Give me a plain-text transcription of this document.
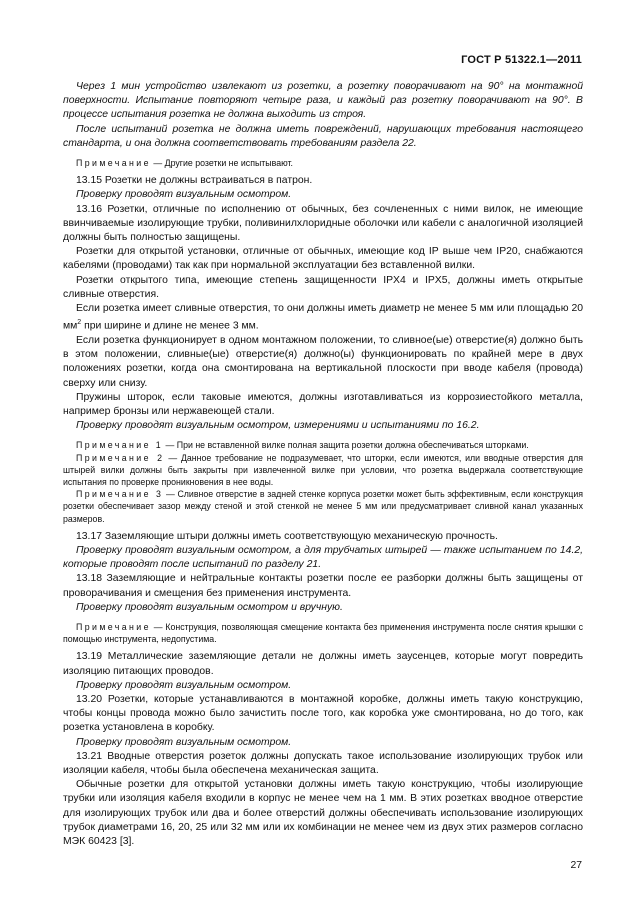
ГОСТ Р 51322.1—2011

Через 1 мин устройство извлекают из розетки, а розетку поворачивают на 90° на монтажной поверхности. Испытание повторяют четыре раза, и каждый раз розетку поворачивают на 90°. В процессе испытания розетка не должна выходить из строя.

После испытаний розетка не должна иметь повреждений, нарушающих требования настоящего стандарта, и она должна соответствовать требованиям раздела 22.

Примечание — Другие розетки не испытывают.

13.15 Розетки не должны встраиваться в патрон.

Проверку проводят визуальным осмотром.

13.16 Розетки, отличные по исполнению от обычных, без сочлененных с ними вилок, не имеющие ввинчиваемые изолирующие трубки, поливинилхлоридные оболочки или кабели с аналогичной изоляцией должны быть полностью защищены.

Розетки для открытой установки, отличные от обычных, имеющие код IP выше чем IP20, снабжаются кабелями (проводами) так как при нормальной эксплуатации без вставленной вилки.

Розетки открытого типа, имеющие степень защищенности IPX4 и IPX5, должны иметь открытые сливные отверстия.

Если розетка имеет сливные отверстия, то они должны иметь диаметр не менее 5 мм или площадью 20 $мм^2$ при ширине и длине не менее 3 мм.

Если розетка функционирует в одном монтажном положении, то сливное(ые) отверстие(я) должно быть в этом положении, сливные(ые) отверстие(я) должно(ы) функционировать по крайней мере в двух положениях розетки, когда она смонтирована на вертикальной плоскости при вводе кабеля (провода) сверху или снизу.

Пружины шторок, если таковые имеются, должны изготавливаться из коррозиестойкого металла, например бронзы или нержавеющей стали.

Проверку проводят визуальным осмотром, измерениями и испытаниями по 16.2.

Примечание 1 — При не вставленной вилке полная защита розетки должна обеспечиваться шторками.

Примечание 2 — Данное требование не подразумевает, что шторки, если имеются, или вводные отверстия для штырей вилки должны быть закрыты при извлеченной вилке при условии, что розетка выдержала соответствующие испытания по проверке проникновения в нее воды.

Примечание 3 — Сливное отверстие в задней стенке корпуса розетки может быть эффективным, если конструкция розетки обеспечивает зазор между стеной и этой стенкой не менее 5 мм или предусматривает сливной канал указанных размеров.

13.17 Заземляющие штыри должны иметь соответствующую механическую прочность.

Проверку проводят визуальным осмотром, а для трубчатых штырей — также испытанием по 14.2, которые проводят после испытаний по разделу 21.

13.18 Заземляющие и нейтральные контакты розетки после ее разборки должны быть защищены от проворачивания и смещения без применения инструмента.

Проверку проводят визуальным осмотром и вручную.

Примечание — Конструкция, позволяющая смещение контакта без применения инструмента после снятия крышки с помощью инструмента, недопустима.

13.19 Металлические заземляющие детали не должны иметь заусенцев, которые могут повредить изоляцию питающих проводов.

Проверку проводят визуальным осмотром.

13.20 Розетки, которые устанавливаются в монтажной коробке, должны иметь такую конструкцию, чтобы концы провода можно было зачистить после того, как коробка уже смонтирована, но до того, как розетка установлена в коробку.

Проверку проводят визуальным осмотром.

13.21 Вводные отверстия розеток должны допускать такое использование изолирующих трубок или изоляции кабеля, чтобы была обеспечена механическая защита.

Обычные розетки для открытой установки должны иметь такую конструкцию, чтобы изолирующие трубки или изоляция кабеля входили в корпус не менее чем на 1 мм. В этих розетках вводное отверстие для изолирующих трубок или два и более отверстий должны обеспечивать использование изолирующих трубок диаметрами 16, 20, 25 или 32 мм или их комбинации не менее чем из двух этих размеров согласно МЭК 60423 [3].

27
